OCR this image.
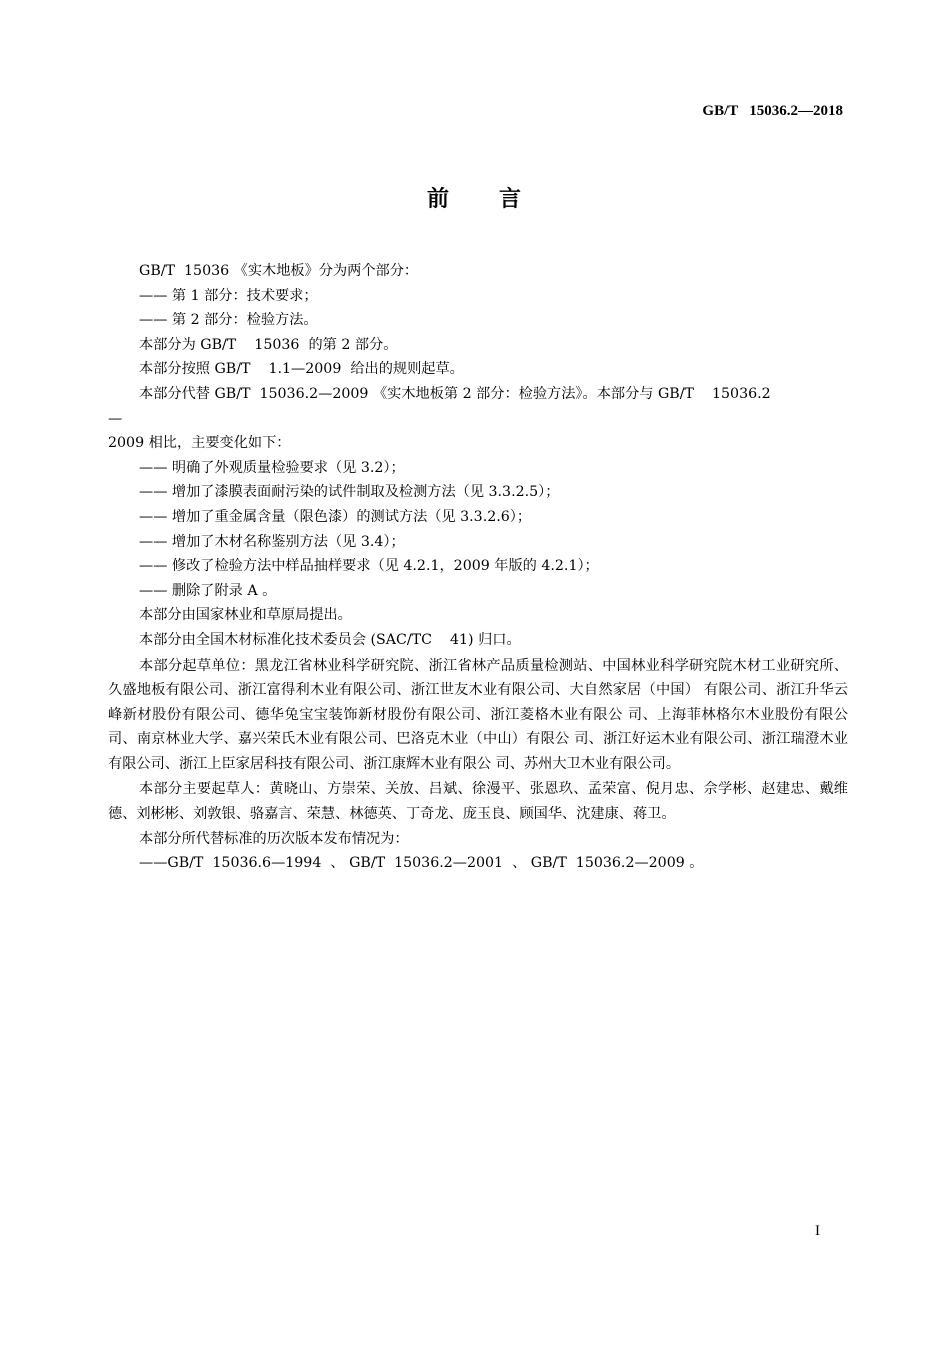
GB/T   15036.2—2018
前　　言
GB/T  15036 《实木地板》分为两个部分：
—— 第 1 部分：技术要求；
—— 第 2 部分：检验方法。
本部分为 GB/T    15036  的第 2 部分。
本部分按照 GB/T    1.1—2009  给出的规则起草。
本部分代替 GB/T  15036.2—2009 《实木地板第 2 部分：检验方法》。本部分与 GB/T    15036.2
—
2009 相比，主要变化如下：
—— 明确了外观质量检验要求（见 3.2）；
—— 增加了漆膜表面耐污染的试件制取及检测方法（见 3.3.2.5）；
—— 增加了重金属含量（限色漆）的测试方法（见 3.3.2.6）；
—— 增加了木材名称鉴别方法（见 3.4）；
—— 修改了检验方法中样品抽样要求（见 4.2.1，2009 年版的 4.2.1）；
—— 删除了附录 A 。
本部分由国家林业和草原局提出。
本部分由全国木材标准化技术委员会 (SAC/TC    41) 归口。
本部分起草单位：黑龙江省林业科学研究院、浙江省林产品质量检测站、中国林业科学研究院木材工业研究所、久盛地板有限公司、浙江富得利木业有限公司、浙江世友木业有限公司、大自然家居（中国） 有限公司、浙江升华云峰新材股份有限公司、德华兔宝宝装饰新材股份有限公司、浙江菱格木业有限公 司、上海菲林格尔木业股份有限公司、南京林业大学、嘉兴荣氏木业有限公司、巴洛克木业（中山）有限公 司、浙江好运木业有限公司、浙江瑞澄木业有限公司、浙江上臣家居科技有限公司、浙江康辉木业有限公 司、苏州大卫木业有限公司。
本部分主要起草人：黄晓山、方崇荣、关放、吕斌、徐漫平、张恩玖、孟荣富、倪月忠、佘学彬、赵建忠、戴维德、刘彬彬、刘敦银、骆嘉言、荣慧、林德英、丁奇龙、庞玉良、顾国华、沈建康、蒋卫。
本部分所代替标准的历次版本发布情况为：
——GB/T  15036.6—1994  、 GB/T  15036.2—2001  、 GB/T  15036.2—2009 。
I
